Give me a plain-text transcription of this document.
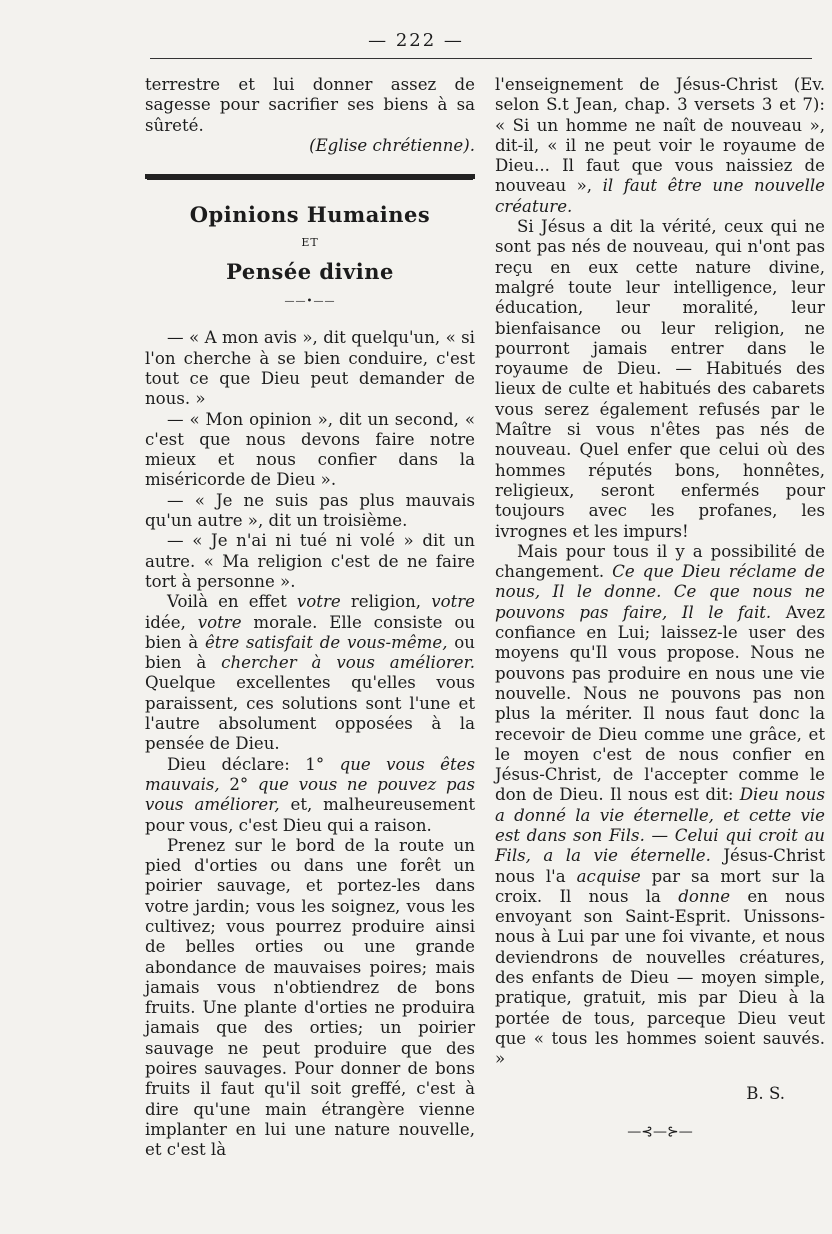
— 222 —

terrestre et lui donner assez de sagesse pour sacrifier ses biens à sa sûreté.

(Eglise chrétienne).

Opinions Humaines
ET
Pensée divine
——•——

— « A mon avis », dit quelqu'un, « si l'on cherche à se bien conduire, c'est tout ce que Dieu peut demander de nous. »

— « Mon opinion », dit un second, « c'est que nous devons faire notre mieux et nous confier dans la miséricorde de Dieu ».

— « Je ne suis pas plus mauvais qu'un autre », dit un troisième.

— « Je n'ai ni tué ni volé » dit un autre. « Ma religion c'est de ne faire tort à personne ».

Voilà en effet votre religion, votre idée, votre morale. Elle consiste ou bien à être satisfait de vous-même, ou bien à chercher à vous améliorer. Quelque excellentes qu'elles vous paraissent, ces solutions sont l'une et l'autre absolument opposées à la pensée de Dieu.

Dieu déclare: 1° que vous êtes mauvais, 2° que vous ne pouvez pas vous améliorer, et, malheureusement pour vous, c'est Dieu qui a raison.

Prenez sur le bord de la route un pied d'orties ou dans une forêt un poirier sauvage, et portez-les dans votre jardin; vous les soignez, vous les cultivez; vous pourrez produire ainsi de belles orties ou une grande abondance de mauvaises poires; mais jamais vous n'obtiendrez de bons fruits. Une plante d'orties ne produira jamais que des orties; un poirier sauvage ne peut produire que des poires sauvages. Pour donner de bons fruits il faut qu'il soit greffé, c'est à dire qu'une main étrangère vienne implanter en lui une nature nouvelle, et c'est là

l'enseignement de Jésus-Christ (Ev. selon S.t Jean, chap. 3 versets 3 et 7): « Si un homme ne naît de nouveau », dit-il, « il ne peut voir le royaume de Dieu... Il faut que vous naissiez de nouveau », il faut être une nouvelle créature.

Si Jésus a dit la vérité, ceux qui ne sont pas nés de nouveau, qui n'ont pas reçu en eux cette nature divine, malgré toute leur intelligence, leur éducation, leur moralité, leur bienfaisance ou leur religion, ne pourront jamais entrer dans le royaume de Dieu. — Habitués des lieux de culte et habitués des cabarets vous serez également refusés par le Maître si vous n'êtes pas nés de nouveau. Quel enfer que celui où des hommes réputés bons, honnêtes, religieux, seront enfermés pour toujours avec les profanes, les ivrognes et les impurs!

Mais pour tous il y a possibilité de changement. Ce que Dieu réclame de nous, Il le donne. Ce que nous ne pouvons pas faire, Il le fait. Avez confiance en Lui; laissez-le user des moyens qu'Il vous propose. Nous ne pouvons pas produire en nous une vie nouvelle. Nous ne pouvons pas non plus la mériter. Il nous faut donc la recevoir de Dieu comme une grâce, et le moyen c'est de nous confier en Jésus-Christ, de l'accepter comme le don de Dieu. Il nous est dit: Dieu nous a donné la vie éternelle, et cette vie est dans son Fils. — Celui qui croit au Fils, a la vie éternelle. Jésus-Christ nous l'a acquise par sa mort sur la croix. Il nous la donne en nous envoyant son Saint-Esprit. Unissons-nous à Lui par une foi vivante, et nous deviendrons de nouvelles créatures, des enfants de Dieu — moyen simple, pratique, gratuit, mis par Dieu à la portée de tous, parceque Dieu veut que « tous les hommes soient sauvés. »

B. S.
—⊰—⊱—
